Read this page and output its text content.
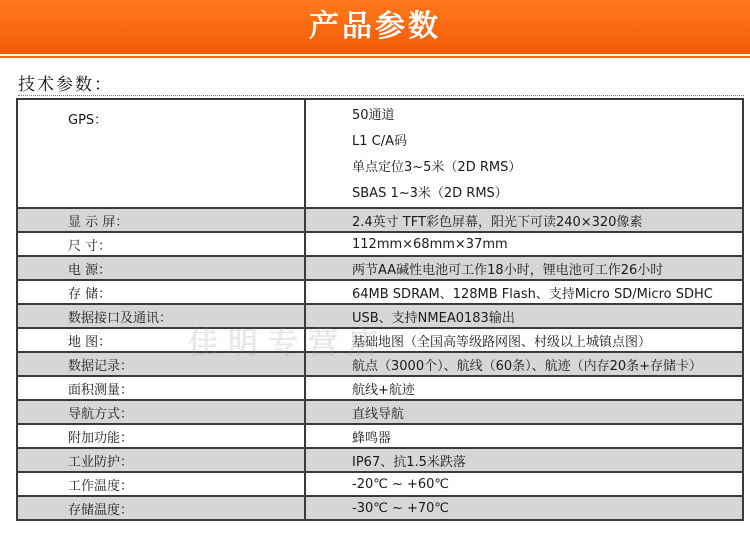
产品参数
技术参数：
GPS：	50通道
L1 C/A码
单点定位3~5米（2D RMS）
SBAS 1~3米（2D RMS）

显 示 屏：	2.4英寸 TFT彩色屏幕，阳光下可读240×320像素
尺 寸：	112mm×68mm×37mm
电 源：	两节AA碱性电池可工作18小时，锂电池可工作26小时
存 储：	64MB SDRAM、128MB Flash、支持Micro SD/Micro SDHC
数据接口及通讯：	USB、支持NMEA0183输出
地 图：	基础地图（全国高等级路网图、村级以上城镇点图）
数据记录：	航点（3000个）、航线（60条）、航迹（内存20条+存储卡）
面积测量：	航线+航迹
导航方式：	直线导航
附加功能：	蜂鸣器
工业防护：	IP67、抗1.5米跌落
工作温度：	-20℃ ~ +60℃
存储温度：	-30℃ ~ +70℃
佳明专营店
